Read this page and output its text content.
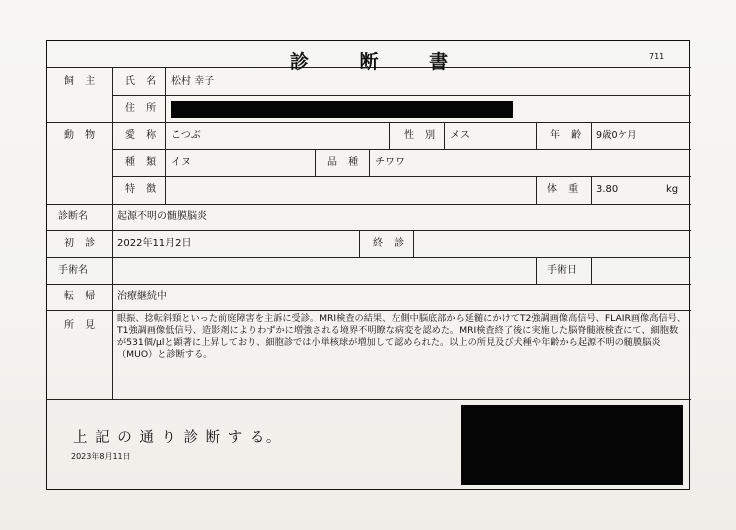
診 断 書	711
飼 主	氏 名 松村 幸子
住 所
動 物	愛 称 こつぶ	性 別 メス	年 齢 9歳0ケ月
種 類 イヌ	品 種 チワワ
特 徴	体 重 3.80	kg
診断名	起源不明の髄膜脳炎
初 診 2022年11月2日	終 診
手術名	手術日
転 帰 治療継続中
所 見
眼振、捻転斜頸といった前庭障害を主訴に受診。MRI検査の結果、左側中脳底部から延髄にかけてT2強調画像高信号、FLAIR画像高信号、T1強調画像低信号、造影剤によりわずかに増強される境界不明瞭な病変を認めた。MRI検査終了後に実施した脳脊髄液検査にて、細胞数が531個/μlと顕著に上昇しており、細胞診では小単核球が増加して認められた。以上の所見及び犬種や年齢から起源不明の髄膜脳炎（MUO）と診断する。
上 記 の 通 り 診 断 す る。
2023年8月11日
